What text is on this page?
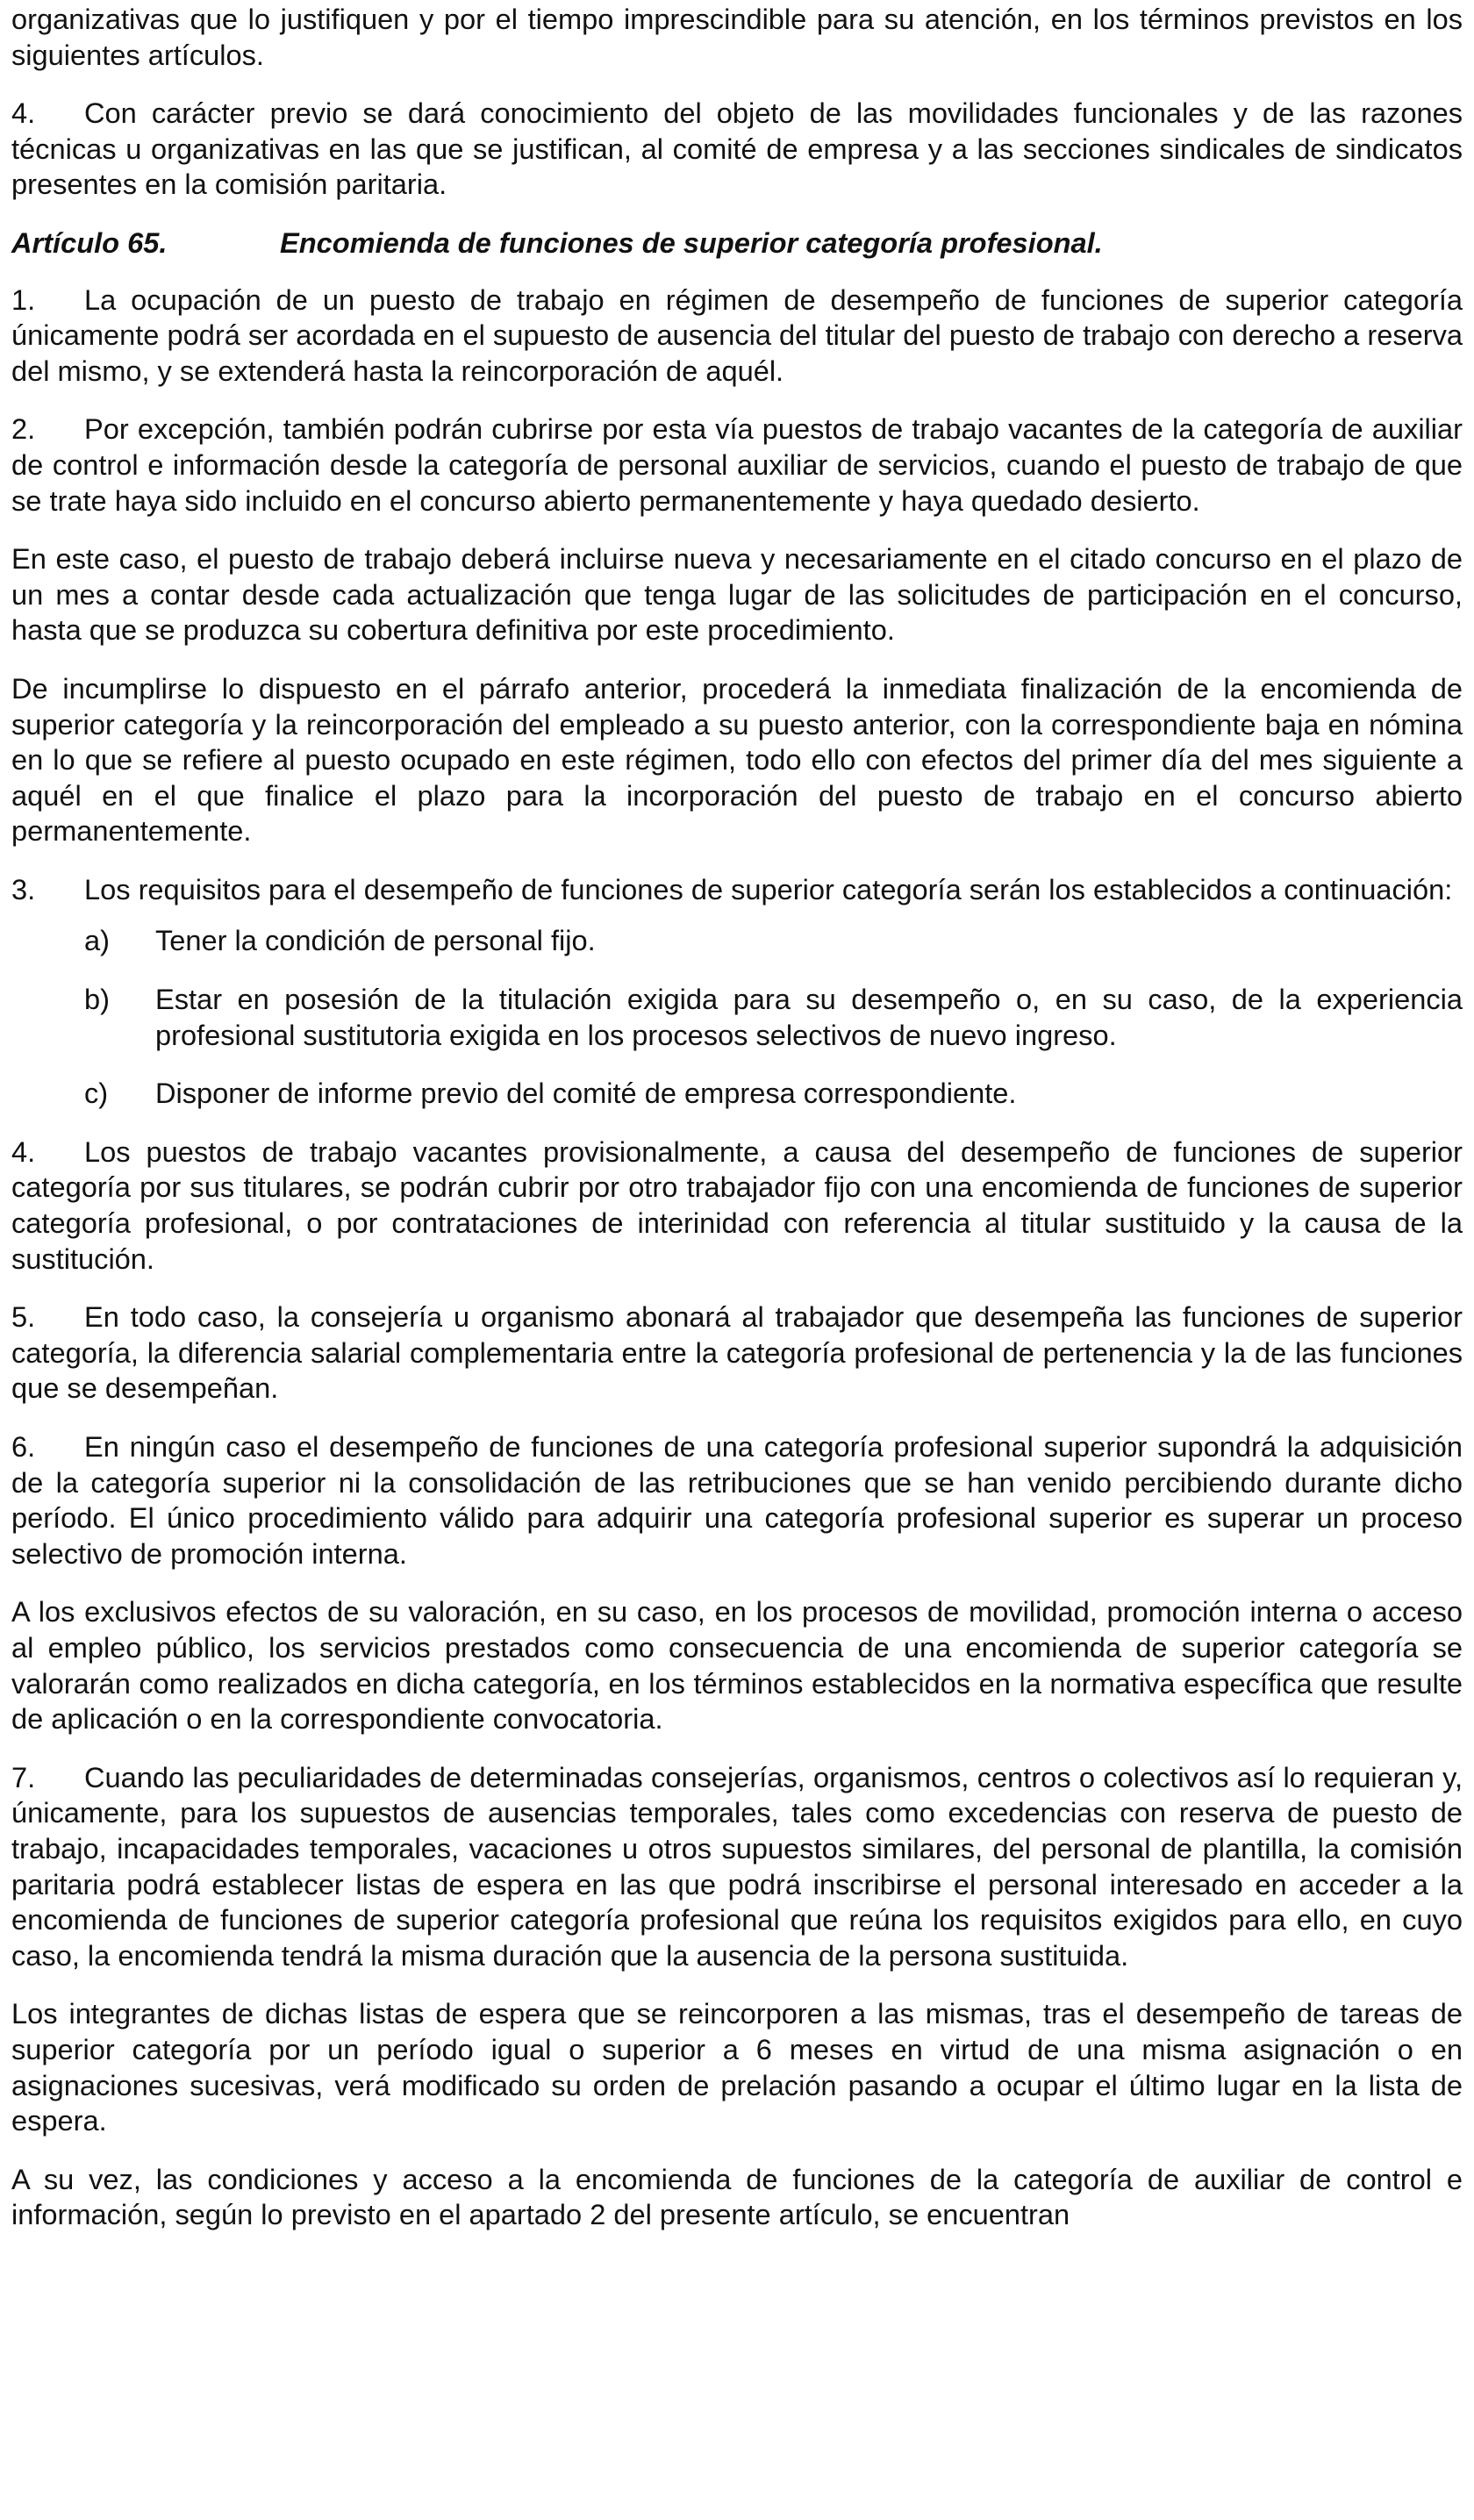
organizativas que lo justifiquen y por el tiempo imprescindible para su atención, en los términos previstos en los siguientes artículos.

4. Con carácter previo se dará conocimiento del objeto de las movilidades funcionales y de las razones técnicas u organizativas en las que se justifican, al comité de empresa y a las secciones sindicales de sindicatos presentes en la comisión paritaria.

Artículo 65.	Encomienda de funciones de superior categoría profesional.

1. La ocupación de un puesto de trabajo en régimen de desempeño de funciones de superior categoría únicamente podrá ser acordada en el supuesto de ausencia del titular del puesto de trabajo con derecho a reserva del mismo, y se extenderá hasta la reincorporación de aquél.

2. Por excepción, también podrán cubrirse por esta vía puestos de trabajo vacantes de la categoría de auxiliar de control e información desde la categoría de personal auxiliar de servicios, cuando el puesto de trabajo de que se trate haya sido incluido en el concurso abierto permanentemente y haya quedado desierto.

En este caso, el puesto de trabajo deberá incluirse nueva y necesariamente en el citado concurso en el plazo de un mes a contar desde cada actualización que tenga lugar de las solicitudes de participación en el concurso, hasta que se produzca su cobertura definitiva por este procedimiento.

De incumplirse lo dispuesto en el párrafo anterior, procederá la inmediata finalización de la encomienda de superior categoría y la reincorporación del empleado a su puesto anterior, con la correspondiente baja en nómina en lo que se refiere al puesto ocupado en este régimen, todo ello con efectos del primer día del mes siguiente a aquél en el que finalice el plazo para la incorporación del puesto de trabajo en el concurso abierto permanentemente.

3. Los requisitos para el desempeño de funciones de superior categoría serán los establecidos a continuación:

a) Tener la condición de personal fijo.
b) Estar en posesión de la titulación exigida para su desempeño o, en su caso, de la experiencia profesional sustitutoria exigida en los procesos selectivos de nuevo ingreso.
c) Disponer de informe previo del comité de empresa correspondiente.

4. Los puestos de trabajo vacantes provisionalmente, a causa del desempeño de funciones de superior categoría por sus titulares, se podrán cubrir por otro trabajador fijo con una encomienda de funciones de superior categoría profesional, o por contrataciones de interinidad con referencia al titular sustituido y la causa de la sustitución.

5. En todo caso, la consejería u organismo abonará al trabajador que desempeña las funciones de superior categoría, la diferencia salarial complementaria entre la categoría profesional de pertenencia y la de las funciones que se desempeñan.

6. En ningún caso el desempeño de funciones de una categoría profesional superior supondrá la adquisición de la categoría superior ni la consolidación de las retribuciones que se han venido percibiendo durante dicho período. El único procedimiento válido para adquirir una categoría profesional superior es superar un proceso selectivo de promoción interna.

A los exclusivos efectos de su valoración, en su caso, en los procesos de movilidad, promoción interna o acceso al empleo público, los servicios prestados como consecuencia de una encomienda de superior categoría se valorarán como realizados en dicha categoría, en los términos establecidos en la normativa específica que resulte de aplicación o en la correspondiente convocatoria.

7. Cuando las peculiaridades de determinadas consejerías, organismos, centros o colectivos así lo requieran y, únicamente, para los supuestos de ausencias temporales, tales como excedencias con reserva de puesto de trabajo, incapacidades temporales, vacaciones u otros supuestos similares, del personal de plantilla, la comisión paritaria podrá establecer listas de espera en las que podrá inscribirse el personal interesado en acceder a la encomienda de funciones de superior categoría profesional que reúna los requisitos exigidos para ello, en cuyo caso, la encomienda tendrá la misma duración que la ausencia de la persona sustituida.

Los integrantes de dichas listas de espera que se reincorporen a las mismas, tras el desempeño de tareas de superior categoría por un período igual o superior a 6 meses en virtud de una misma asignación o en asignaciones sucesivas, verá modificado su orden de prelación pasando a ocupar el último lugar en la lista de espera.

A su vez, las condiciones y acceso a la encomienda de funciones de la categoría de auxiliar de control e información, según lo previsto en el apartado 2 del presente artículo, se encuentran
